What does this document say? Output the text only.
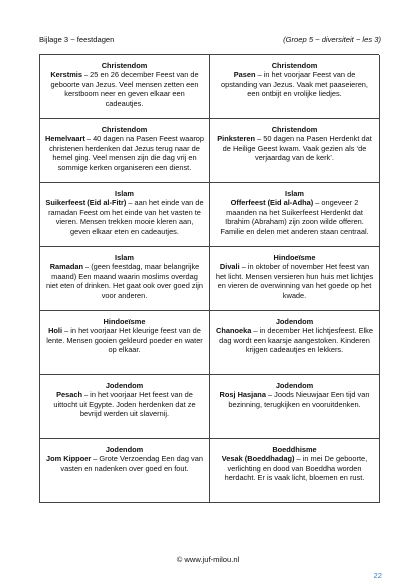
Bijlage 3 ~ feestdagen	(Groep 5 ~ diversiteit ~ les 3)
Christendom
Kerstmis – 25 en 26 december Feest van de geboorte van Jezus. Veel mensen zetten een kerstboom neer en geven elkaar een cadeautjes.
Christendom
Pasen – in het voorjaar Feest van de opstanding van Jezus. Vaak met paaseieren, een ontbijt en vrolijke liedjes.
Christendom
Hemelvaart – 40 dagen na Pasen Feest waarop christenen herdenken dat Jezus terug naar de hemel ging. Veel mensen zijn die dag vrij en sommige kerken organiseren een dienst.
Christendom
Pinksteren – 50 dagen na Pasen Herdenkt dat de Heilige Geest kwam. Vaak gezien als ‘de verjaardag van de kerk’.
Islam
Suikerfeest (Eid al-Fitr) – aan het einde van de ramadan Feest om het einde van het vasten te vieren. Mensen trekken mooie kleren aan, geven elkaar eten en cadeautjes.
Islam
Offerfeest (Eid al-Adha) – ongeveer 2 maanden na het Suikerfeest Herdenkt dat Ibrahim (Abraham) zijn zoon wilde offeren. Familie en delen met anderen staan centraal.
Islam
Ramadan – (geen feestdag, maar belangrijke maand) Een maand waarin moslims overdag niet eten of drinken. Het gaat ook over goed zijn voor anderen.
Hindoeïsme
Divali – in oktober of november Het feest van het licht. Mensen versieren hun huis met lichtjes en vieren de overwinning van het goede op het kwade.
Hindoeïsme
Holi – in het voorjaar Het kleurige feest van de lente. Mensen gooien gekleurd poeder en water op elkaar.
Jodendom
Chanoeka – in december Het lichtjesfeest. Elke dag wordt een kaarsje aangestoken. Kinderen krijgen cadeautjes en lekkers.
Jodendom
Pesach – in het voorjaar Het feest van de uittocht uit Egypte. Joden herdenken dat ze bevrijd werden uit slavernij.
Jodendom
Rosj Hasjana – Joods Nieuwjaar Een tijd van bezinning, terugkijken en vooruitdenken.
Jodendom
Jom Kippoer – Grote Verzoendag Een dag van vasten en nadenken over goed en fout.
Boeddhisme
Vesak (Boeddhadag) – in mei De geboorte, verlichting en dood van Boeddha worden herdacht. Er is vaak licht, bloemen en rust.
© www.juf-milou.nl
22
